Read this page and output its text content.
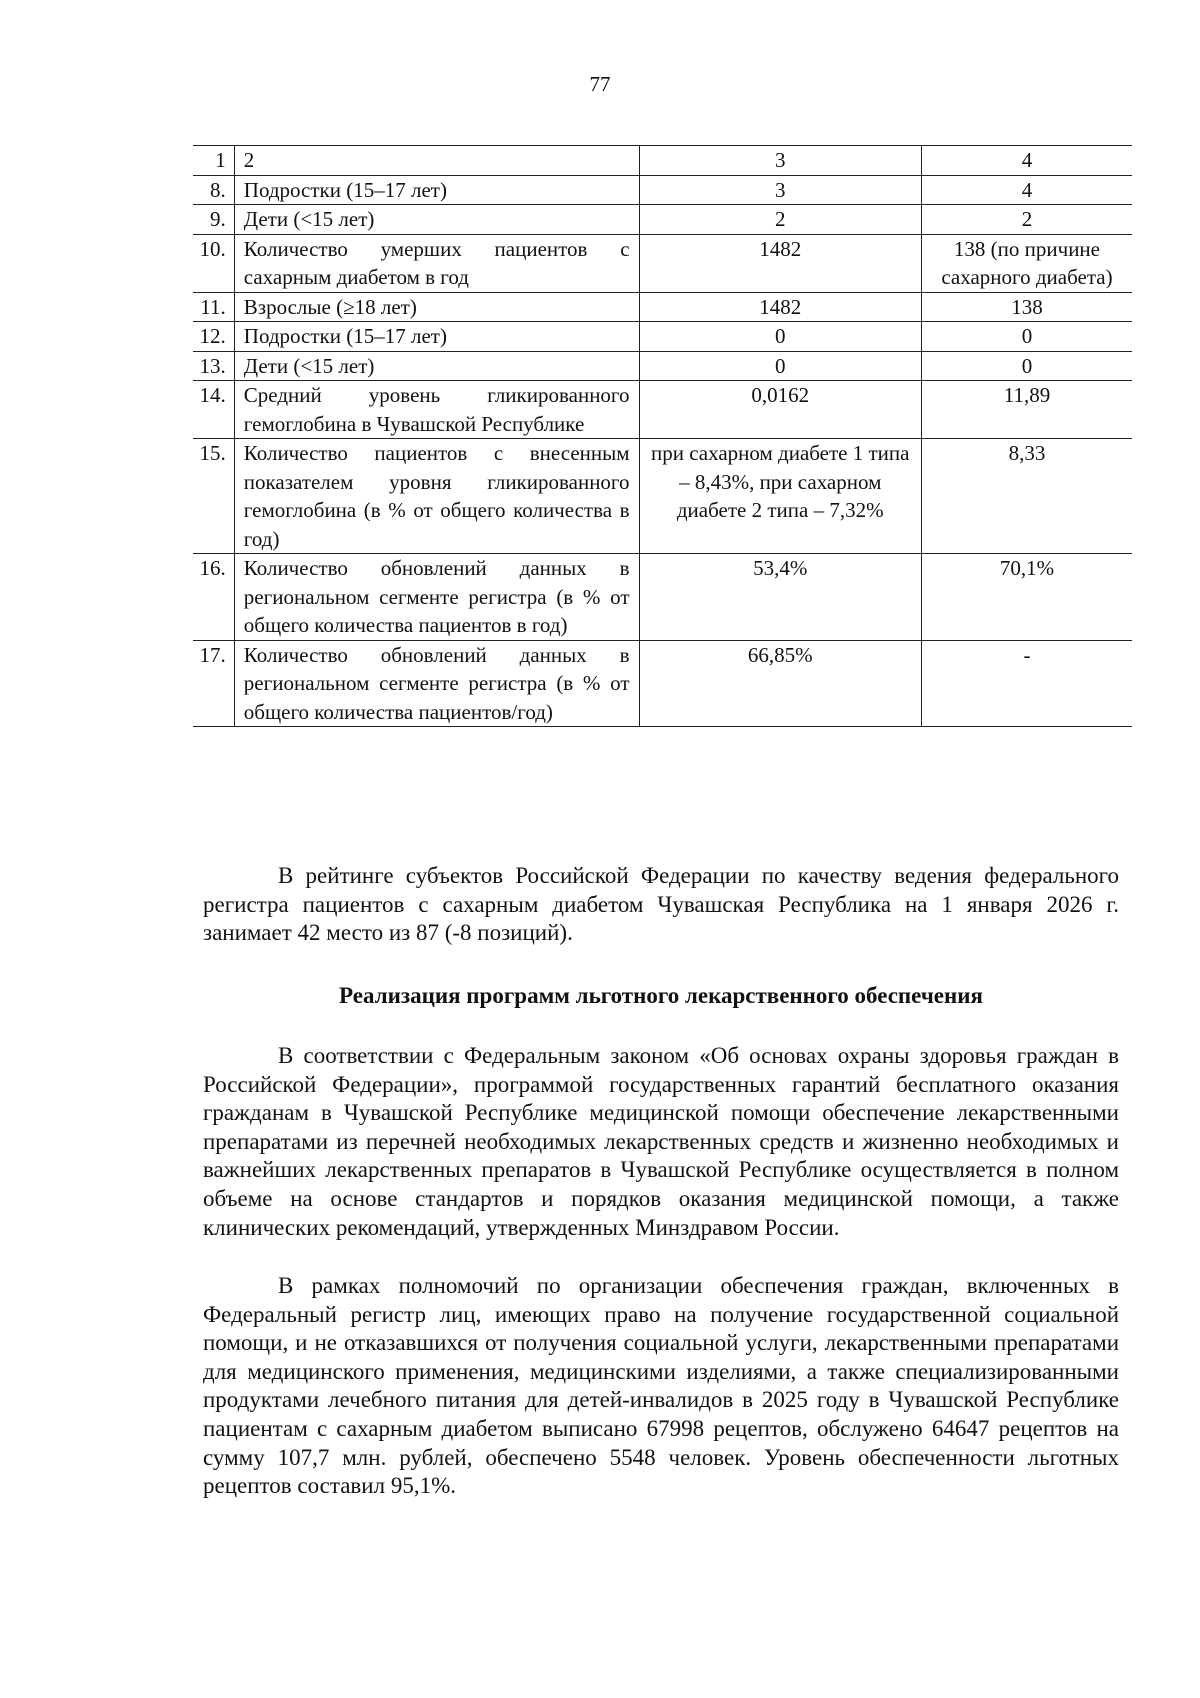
77
1	2	3	4
8.	Подростки (15–17 лет)	3	4
9.	Дети (<15 лет)	2	2
10.	Количество умерших пациентов с сахарным диабетом в год	1482	138 (по причине сахарного диабета)
11.	Взрослые (≥18 лет)	1482	138
12.	Подростки (15–17 лет)	0	0
13.	Дети (<15 лет)	0	0
14.	Средний уровень гликированного гемоглобина в Чувашской Республике	0,0162	11,89
15.	Количество пациентов с внесенным показателем уровня гликированного гемоглобина (в % от общего количества в год)	при сахарном диабете 1 типа – 8,43%, при сахарном диабете 2 типа – 7,32%	8,33
16.	Количество обновлений данных в региональном сегменте регистра (в % от общего количества пациентов в год)	53,4%	70,1%
17.	Количество обновлений данных в региональном сегменте регистра (в % от общего количества пациентов/год)	66,85%	-

В рейтинге субъектов Российской Федерации по качеству ведения федерального регистра пациентов с сахарным диабетом Чувашская Республика на 1 января 2026 г. занимает 42 место из 87 (-8 позиций).

Реализация программ льготного лекарственного обеспечения

В соответствии с Федеральным законом «Об основах охраны здоровья граждан в Российской Федерации», программой государственных гарантий бесплатного оказания гражданам в Чувашской Республике медицинской помощи обеспечение лекарственными препаратами из перечней необходимых лекарственных средств и жизненно необходимых и важнейших лекарственных препаратов в Чувашской Республике осуществляется в полном объеме на основе стандартов и порядков оказания медицинской помощи, а также клинических рекомендаций, утвержденных Минздравом России.

В рамках полномочий по организации обеспечения граждан, включенных в Федеральный регистр лиц, имеющих право на получение государственной социальной помощи, и не отказавшихся от получения социальной услуги, лекарственными препаратами для медицинского применения, медицинскими изделиями, а также специализированными продуктами лечебного питания для детей-инвалидов в 2025 году в Чувашской Республике пациентам с сахарным диабетом выписано 67998 рецептов, обслужено 64647 рецептов на сумму 107,7 млн. рублей, обеспечено 5548 человек. Уровень обеспеченности льготных рецептов составил 95,1%.
